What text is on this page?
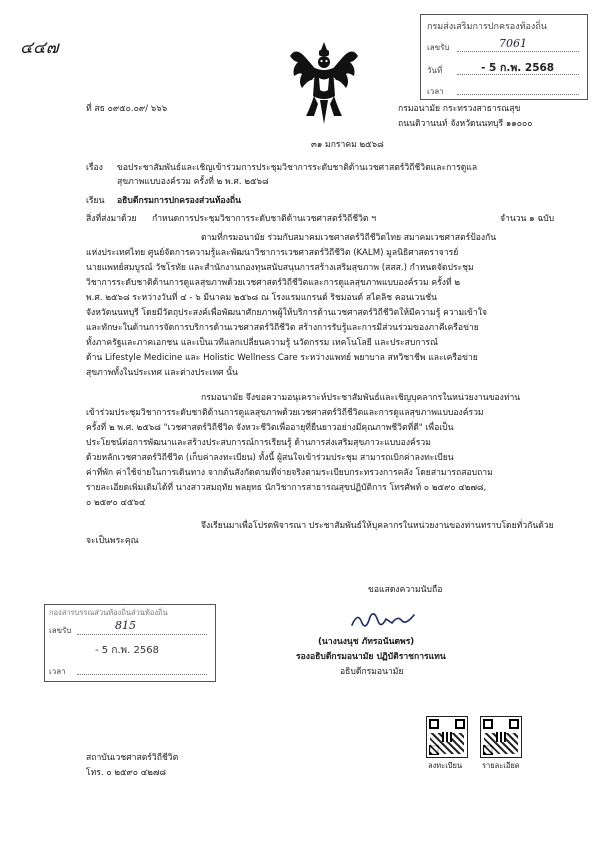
๔๔๗
กรมส่งเสริมการปกครองท้องถิ่น
เลขรับ	7061
วันที่	- 5 ก.พ. 2568
เวลา
ที่ สธ ๐๙๕๐.๐๙/ ๖๖๖	กรมอนามัย กระทรวงสาธารณสุข
ถนนติวานนท์ จังหวัดนนทบุรี ๑๑๐๐๐
๓๑ มกราคม ๒๕๖๘
เรื่อง ขอประชาสัมพันธ์และเชิญเข้าร่วมการประชุมวิชาการระดับชาติด้านเวชศาสตร์วิถีชีวิตและการดูแล
สุขภาพแบบองค์รวม ครั้งที่ ๒ พ.ศ. ๒๕๖๘
เรียน อธิบดีกรมการปกครองส่วนท้องถิ่น
สิ่งที่ส่งมาด้วย กำหนดการประชุมวิชาการระดับชาติด้านเวชศาสตร์วิถีชีวิต ฯ	จำนวน ๑ ฉบับ
ตามที่กรมอนามัย ร่วมกับสมาคมเวชศาสตร์วิถีชีวิตไทย สมาคมเวชศาสตร์ป้องกัน
แห่งประเทศไทย ศูนย์จัดการความรู้และพัฒนาวิชาการเวชศาสตร์วิถีชีวิต (KALM) มูลนิธิศาสตราจารย์
นายแพทย์สมบูรณ์ วัชโรทัย และสำนักงานกองทุนสนับสนุนการสร้างเสริมสุขภาพ (สสส.) กำหนดจัดประชุม
วิชาการระดับชาติด้านการดูแลสุขภาพด้วยเวชศาสตร์วิถีชีวิตและการดูแลสุขภาพแบบองค์รวม ครั้งที่ ๒
พ.ศ. ๒๕๖๘ ระหว่างวันที่ ๔ - ๖ มีนาคม ๒๕๖๘ ณ โรงแรมแกรนด์ ริชมอนด์ สไตลิช คอนเวนชั่น
จังหวัดนนทบุรี โดยมีวัตถุประสงค์เพื่อพัฒนาศักยภาพผู้ให้บริการด้านเวชศาสตร์วิถีชีวิตให้มีความรู้ ความเข้าใจ
และทักษะในด้านการจัดการบริการด้านเวชศาสตร์วิถีชีวิต สร้างการรับรู้และการมีส่วนร่วมของภาคีเครือข่าย
ทั้งภาครัฐและภาคเอกชน และเป็นเวทีแลกเปลี่ยนความรู้ นวัตกรรม เทคโนโลยี และประสบการณ์
ด้าน Lifestyle Medicine และ Holistic Wellness Care ระหว่างแพทย์ พยาบาล สหวิชาชีพ และเครือข่าย
สุขภาพทั้งในประเทศ และต่างประเทศ นั้น
กรมอนามัย จึงขอความอนุเคราะห์ประชาสัมพันธ์และเชิญบุคลากรในหน่วยงานของท่าน
เข้าร่วมประชุมวิชาการระดับชาติด้านการดูแลสุขภาพด้วยเวชศาสตร์วิถีชีวิตและการดูแลสุขภาพแบบองค์รวม
ครั้งที่ ๒ พ.ศ. ๒๕๖๘ "เวชศาสตร์วิถีชีวิต จังหวะชีวิตเพื่ออายุที่ยืนยาวอย่างมีคุณภาพชีวิตที่ดี" เพื่อเป็น
ประโยชน์ต่อการพัฒนาและสร้างประสบการณ์การเรียนรู้ ด้านการส่งเสริมสุขภาวะแบบองค์รวม
ด้วยหลักเวชศาสตร์วิถีชีวิต (เก็บค่าลงทะเบียน) ทั้งนี้ ผู้สนใจเข้าร่วมประชุม สามารถเบิกค่าลงทะเบียน
ค่าที่พัก ค่าใช้จ่ายในการเดินทาง จากต้นสังกัดตามที่จ่ายจริงตามระเบียบกระทรวงการคลัง โดยสามารถสอบถาม
รายละเอียดเพิ่มเติมได้ที่ นางสาวสมฤทัย พลยุทธ นักวิชาการสาธารณสุขปฏิบัติการ โทรศัพท์ ๐ ๒๕๙๐ ๔๒๗๘,
๐ ๒๕๙๐ ๔๕๖๔
จึงเรียนมาเพื่อโปรดพิจารณา ประชาสัมพันธ์ให้บุคลากรในหน่วยงานของท่านทราบโดยทั่วกันด้วย
จะเป็นพระคุณ
ขอแสดงความนับถือ
(นางนงนุช ภัทรอนันตพร)
รองอธิบดีกรมอนามัย ปฏิบัติราชการแทน
อธิบดีกรมอนามัย
กองสารบรรณส่วนท้องถิ่นส่วนท้องถิ่น
เลขรับ	815
- 5 ก.พ. 2568
เวลา
ลงทะเบียน	รายละเอียด
สถาบันเวชศาสตร์วิถีชีวิต
โทร. ๐ ๒๕๙๐ ๔๒๗๘
